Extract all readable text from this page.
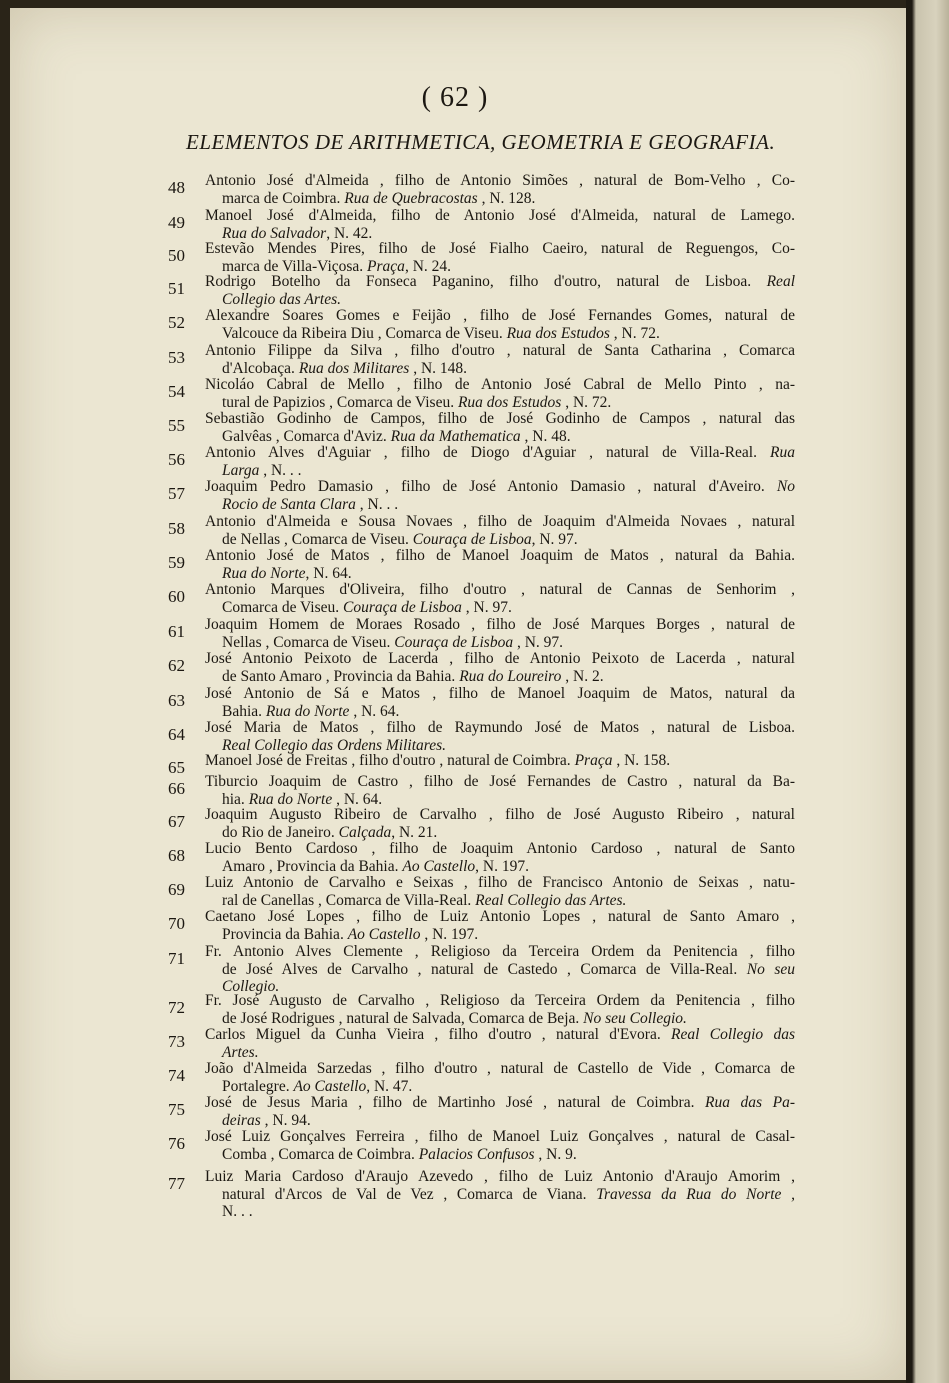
( 62 )
ELEMENTOS DE ARITHMETICA, GEOMETRIA E GEOGRAFIA.
48	Antonio José d'Almeida , filho de Antonio Simões , natural de Bom-Velho , Co-
marca de Coimbra. Rua de Quebracostas , N. 128.
49	Manoel José d'Almeida, filho de Antonio José d'Almeida, natural de Lamego.
Rua do Salvador, N. 42.
50	Estevão Mendes Pires, filho de José Fialho Caeiro, natural de Reguengos, Co-
marca de Villa-Viçosa. Praça, N. 24.
51	Rodrigo Botelho da Fonseca Paganino, filho d'outro, natural de Lisboa. Real
Collegio das Artes.
52	Alexandre Soares Gomes e Feijão , filho de José Fernandes Gomes, natural de
Valcouce da Ribeira Diu , Comarca de Viseu. Rua dos Estudos , N. 72.
53	Antonio Filippe da Silva , filho d'outro , natural de Santa Catharina , Comarca
d'Alcobaça. Rua dos Militares , N. 148.
54	Nicoláo Cabral de Mello , filho de Antonio José Cabral de Mello Pinto , na-
tural de Papizios , Comarca de Viseu. Rua dos Estudos , N. 72.
55	Sebastião Godinho de Campos, filho de José Godinho de Campos , natural das
Galvêas , Comarca d'Aviz. Rua da Mathematica , N. 48.
56	Antonio Alves d'Aguiar , filho de Diogo d'Aguiar , natural de Villa-Real. Rua
Larga , N. . .
57	Joaquim Pedro Damasio , filho de José Antonio Damasio , natural d'Aveiro. No
Rocio de Santa Clara , N. . .
58	Antonio d'Almeida e Sousa Novaes , filho de Joaquim d'Almeida Novaes , natural
de Nellas , Comarca de Viseu. Couraça de Lisboa, N. 97.
59	Antonio José de Matos , filho de Manoel Joaquim de Matos , natural da Bahia.
Rua do Norte, N. 64.
60	Antonio Marques d'Oliveira, filho d'outro , natural de Cannas de Senhorim ,
Comarca de Viseu. Couraça de Lisboa , N. 97.
61	Joaquim Homem de Moraes Rosado , filho de José Marques Borges , natural de
Nellas , Comarca de Viseu. Couraça de Lisboa , N. 97.
62	José Antonio Peixoto de Lacerda , filho de Antonio Peixoto de Lacerda , natural
de Santo Amaro , Provincia da Bahia. Rua do Loureiro , N. 2.
63	José Antonio de Sá e Matos , filho de Manoel Joaquim de Matos, natural da
Bahia. Rua do Norte , N. 64.
64	José Maria de Matos , filho de Raymundo José de Matos , natural de Lisboa.
Real Collegio das Ordens Militares.
65	Manoel José de Freitas , filho d'outro , natural de Coimbra. Praça , N. 158.
66	Tiburcio Joaquim de Castro , filho de José Fernandes de Castro , natural da Ba-
hia. Rua do Norte , N. 64.
67	Joaquim Augusto Ribeiro de Carvalho , filho de José Augusto Ribeiro , natural
do Rio de Janeiro. Calçada, N. 21.
68	Lucio Bento Cardoso , filho de Joaquim Antonio Cardoso , natural de Santo
Amaro , Provincia da Bahia. Ao Castello, N. 197.
69	Luiz Antonio de Carvalho e Seixas , filho de Francisco Antonio de Seixas , natu-
ral de Canellas , Comarca de Villa-Real. Real Collegio das Artes.
70	Caetano José Lopes , filho de Luiz Antonio Lopes , natural de Santo Amaro ,
Provincia da Bahia. Ao Castello , N. 197.
71	Fr. Antonio Alves Clemente , Religioso da Terceira Ordem da Penitencia , filho
de José Alves de Carvalho , natural de Castedo , Comarca de Villa-Real. No seu
Collegio.
72	Fr. José Augusto de Carvalho , Religioso da Terceira Ordem da Penitencia , filho
de José Rodrigues , natural de Salvada, Comarca de Beja. No seu Collegio.
73	Carlos Miguel da Cunha Vieira , filho d'outro , natural d'Evora. Real Collegio das
Artes.
74	João d'Almeida Sarzedas , filho d'outro , natural de Castello de Vide , Comarca de
Portalegre. Ao Castello, N. 47.
75	José de Jesus Maria , filho de Martinho José , natural de Coimbra. Rua das Pa-
deiras , N. 94.
76	José Luiz Gonçalves Ferreira , filho de Manoel Luiz Gonçalves , natural de Casal-
Comba , Comarca de Coimbra. Palacios Confusos , N. 9.
77	Luiz Maria Cardoso d'Araujo Azevedo , filho de Luiz Antonio d'Araujo Amorim ,
natural d'Arcos de Val de Vez , Comarca de Viana. Travessa da Rua do Norte ,
N. . .
